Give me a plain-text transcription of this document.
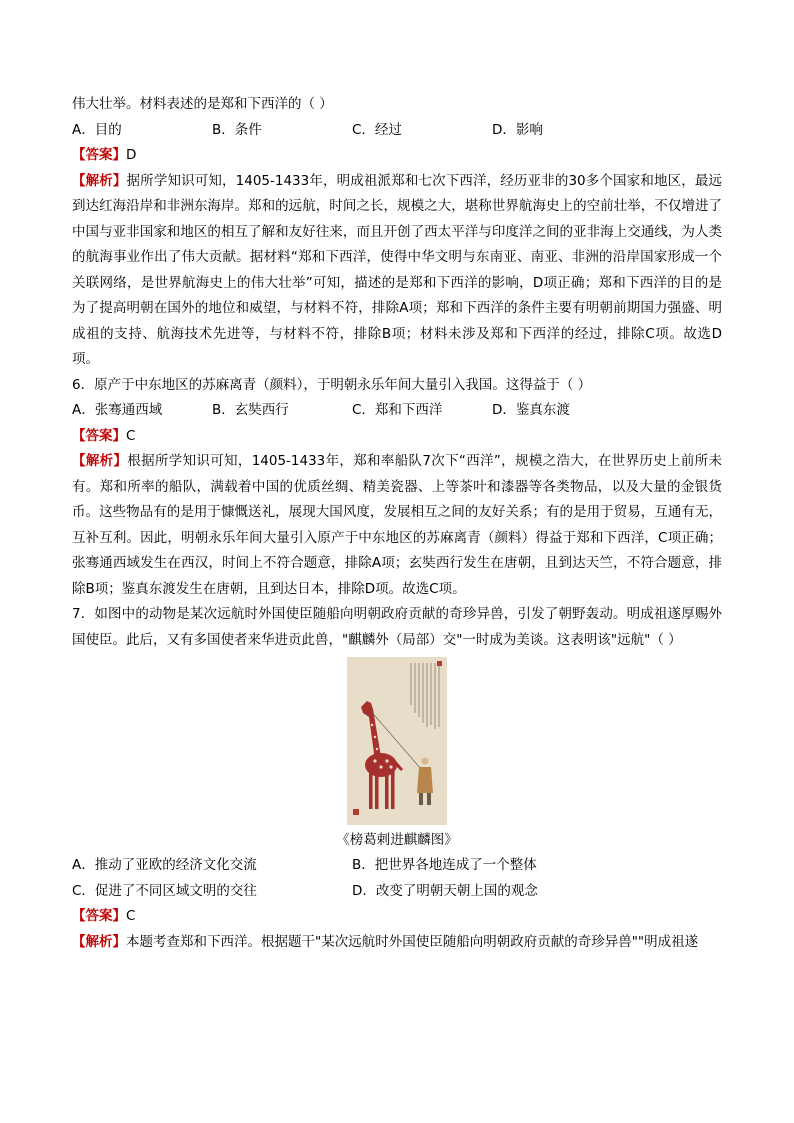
伟大壮举。材料表述的是郑和下西洋的（ ）
A．目的	B．条件	C．经过	D．影响
【答案】D
【解析】据所学知识可知，1405-1433年，明成祖派郑和七次下西洋，经历亚非的30多个国家和地区，最远到达红海沿岸和非洲东海岸。郑和的远航，时间之长，规模之大，堪称世界航海史上的空前壮举，不仅增进了中国与亚非国家和地区的相互了解和友好往来，而且开创了西太平洋与印度洋之间的亚非海上交通线，为人类的航海事业作出了伟大贡献。据材料“郑和下西洋，使得中华文明与东南亚、南亚、非洲的沿岸国家形成一个关联网络，是世界航海史上的伟大壮举”可知，描述的是郑和下西洋的影响，D项正确；郑和下西洋的目的是为了提高明朝在国外的地位和威望，与材料不符，排除A项；郑和下西洋的条件主要有明朝前期国力强盛、明成祖的支持、航海技术先进等，与材料不符，排除B项；材料未涉及郑和下西洋的经过，排除C项。故选D项。
6．原产于中东地区的苏麻离青（颜料），于明朝永乐年间大量引入我国。这得益于（ ）
A．张骞通西域	B．玄奘西行	C．郑和下西洋	D．鉴真东渡
【答案】C
【解析】根据所学知识可知，1405-1433年，郑和率船队7次下“西洋”，规模之浩大，在世界历史上前所未有。郑和所率的船队，满载着中国的优质丝绸、精美瓷器、上等茶叶和漆器等各类物品，以及大量的金银货币。这些物品有的是用于慷慨送礼，展现大国风度，发展相互之间的友好关系；有的是用于贸易，互通有无，互补互利。因此，明朝永乐年间大量引入原产于中东地区的苏麻离青（颜料）得益于郑和下西洋，C项正确；张骞通西域发生在西汉，时间上不符合题意，排除A项；玄奘西行发生在唐朝，且到达天竺，不符合题意，排除B项；鉴真东渡发生在唐朝，且到达日本，排除D项。故选C项。
7．如图中的动物是某次远航时外国使臣随船向明朝政府贡献的奇珍异兽，引发了朝野轰动。明成祖遂厚赐外国使臣。此后，又有多国使者来华进贡此兽，"麒麟外（局部）交"一时成为美谈。这表明该"远航"（ ）
《榜葛剌进麒麟图》
A．推动了亚欧的经济文化交流	B．把世界各地连成了一个整体
C．促进了不同区域文明的交往	D．改变了明朝天朝上国的观念
【答案】C
【解析】本题考查郑和下西洋。根据题干"某次远航时外国使臣随船向明朝政府贡献的奇珍异兽""明成祖遂
